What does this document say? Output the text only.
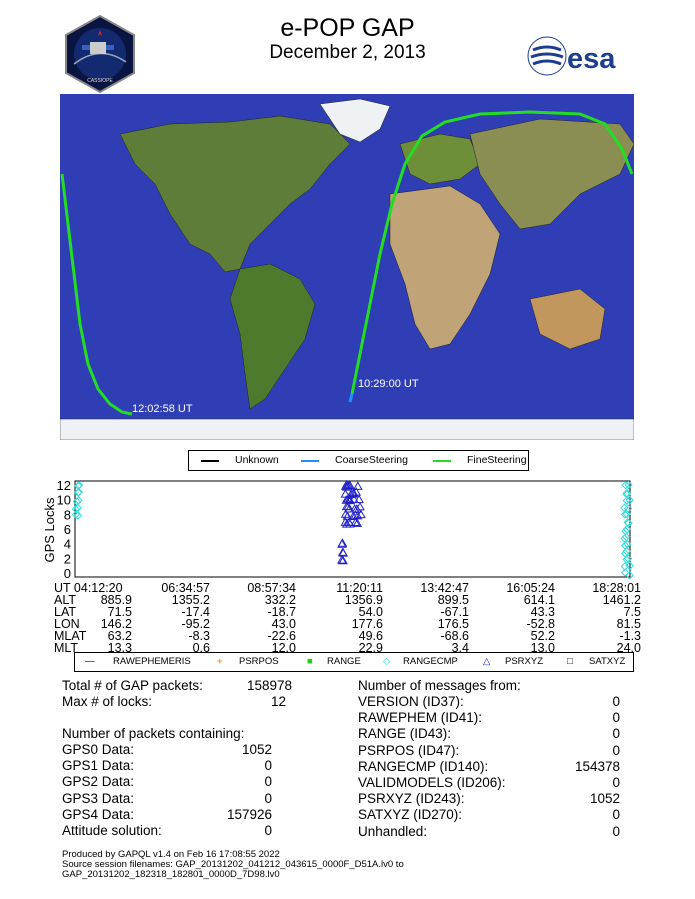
e-POP GAP
December 2, 2013
CASSIOPE
esa
12:02:58 UT
10:29:00 UT
Unknown	CoarseSteering	FineSteering
GPS Locks
0
2
4
6
8
10
12
UT 04:12:20	06:34:57	08:57:34	11:20:11	13:42:47	16:05:24	18:28:01
ALT	885.9	1355.2	332.2	1356.9	899.5	614.1	1461.2
LAT	71.5	-17.4	-18.7	54.0	-67.1	43.3	7.5
LON	146.2	-95.2	43.0	177.6	176.5	-52.8	81.5
MLAT	63.2	-8.3	-22.6	49.6	-68.6	52.2	-1.3
MLT	13.3	0.6	12.0	22.9	3.4	13.0	24.0
— RAWEPHEMERIS	+ PSRPOS	■ RANGE ◇ RANGECMP	△ PSRXYZ	□ SATXYZ
Total # of GAP packets:	158978
Max # of locks:	12
Number of packets containing:
GPS0 Data:	1052
GPS1 Data:	0
GPS2 Data:	0
GPS3 Data:	0
GPS4 Data:	157926
Attitude solution:	0
Number of messages from:
VERSION (ID37):	0
RAWEPHEM (ID41):	0
RANGE (ID43):	0
PSRPOS (ID47):	0
RANGECMP (ID140):	154378
VALIDMODELS (ID206):	0
PSRXYZ (ID243):	1052
SATXYZ (ID270):	0
Unhandled:	0
Produced by GAPQL v1.4 on Feb 16 17:08:55 2022
Source session filenames: GAP_20131202_041212_043615_0000F_D51A.lv0 to
GAP_20131202_182318_182801_0000D_7D98.lv0
